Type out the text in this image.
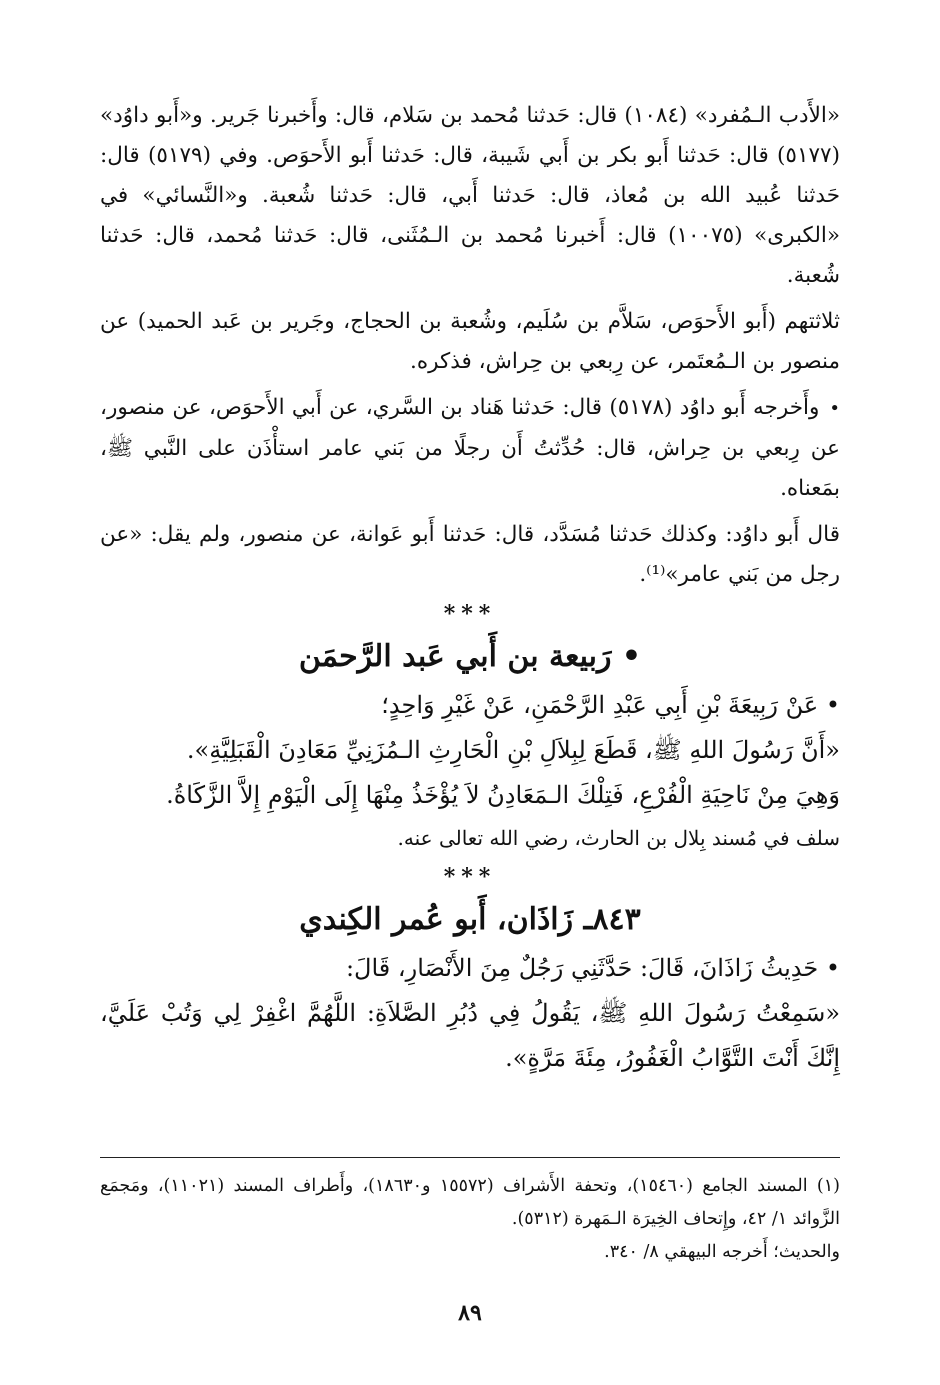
«الأَدب الـمُفرد» (١٠٨٤) قال: حَدثنا مُحمد بن سَلام، قال: وأَخبرنا جَرير. و«أَبو داوُد» (٥١٧٧) قال: حَدثنا أَبو بكر بن أَبي شَيبة، قال: حَدثنا أَبو الأَحوَص. وفي (٥١٧٩) قال: حَدثنا عُبيد الله بن مُعاذ، قال: حَدثنا أَبي، قال: حَدثنا شُعبة. و«النَّسائي» في «الكبرى» (١٠٠٧٥) قال: أَخبرنا مُحمد بن الـمُثَنى، قال: حَدثنا مُحمد، قال: حَدثنا شُعبة.

ثلاثتهم (أَبو الأَحوَص، سَلاَّم بن سُلَيم، وشُعبة بن الحجاج، وجَرير بن عَبد الحميد) عن منصور بن الـمُعتَمر، عن رِبعي بن حِراش، فذكره.

•وأَخرجه أَبو داوُد (٥١٧٨) قال: حَدثنا هَناد بن السَّري، عن أَبي الأَحوَص، عن منصور، عن رِبعي بن حِراش، قال: حُدِّثتُ أَن رجلًا من بَني عامر استأْذَن على النَّبي ﷺ، بمَعناه.

قال أَبو داوُد: وكذلك حَدثنا مُسَدَّد، قال: حَدثنا أَبو عَوانة، عن منصور، ولم يقل: «عن رجل من بَني عامر»⁽¹⁾.

***
• رَبيعة بن أَبي عَبد الرَّحمَن

• عَنْ رَبِيعَةَ بْنِ أَبِي عَبْدِ الرَّحْمَنِ، عَنْ غَيْرِ وَاحِدٍ؛

«أَنَّ رَسُولَ اللهِ ﷺ، قَطَعَ لِبِلاَلِ بْنِ الْحَارِثِ الـمُزَنِيِّ مَعَادِنَ الْقَبَلِيَّةِ».

وَهِيَ مِنْ نَاحِيَةِ الْفُرْعِ، فَتِلْكَ الـمَعَادِنُ لاَ يُؤْخَذُ مِنْهَا إِلَى الْيَوْمِ إِلاَّ الزَّكَاةُ.

سلف في مُسند بِلال بن الحارث، رضي الله تعالى عنه.

***
٨٤٣ـ زَاذَان، أَبو عُمر الكِندي

• حَدِيثُ زَاذَانَ، قَالَ: حَدَّثَنِي رَجُلٌ مِنَ الأَنْصَارِ، قَالَ:

«سَمِعْتُ رَسُولَ اللهِ ﷺ، يَقُولُ فِي دُبُرِ الصَّلاَةِ: اللَّهُمَّ اغْفِرْ لِي وَتُبْ عَلَيَّ، إِنَّكَ أَنْتَ التَّوَّابُ الْغَفُورُ، مِئَةَ مَرَّةٍ».

(١) المسند الجامع (١٥٤٦٠)، وتحفة الأَشراف (١٥٥٧٢ و١٨٦٣٠)، وأَطراف المسند (١١٠٢١)، ومَجمَع الزَّوائد ١/ ٤٢، وإِتحاف الخِيرَة الـمَهرة (٥٣١٢).

والحديث؛ أَخرجه البيهقي ٨/ ٣٤٠.

٨٩
